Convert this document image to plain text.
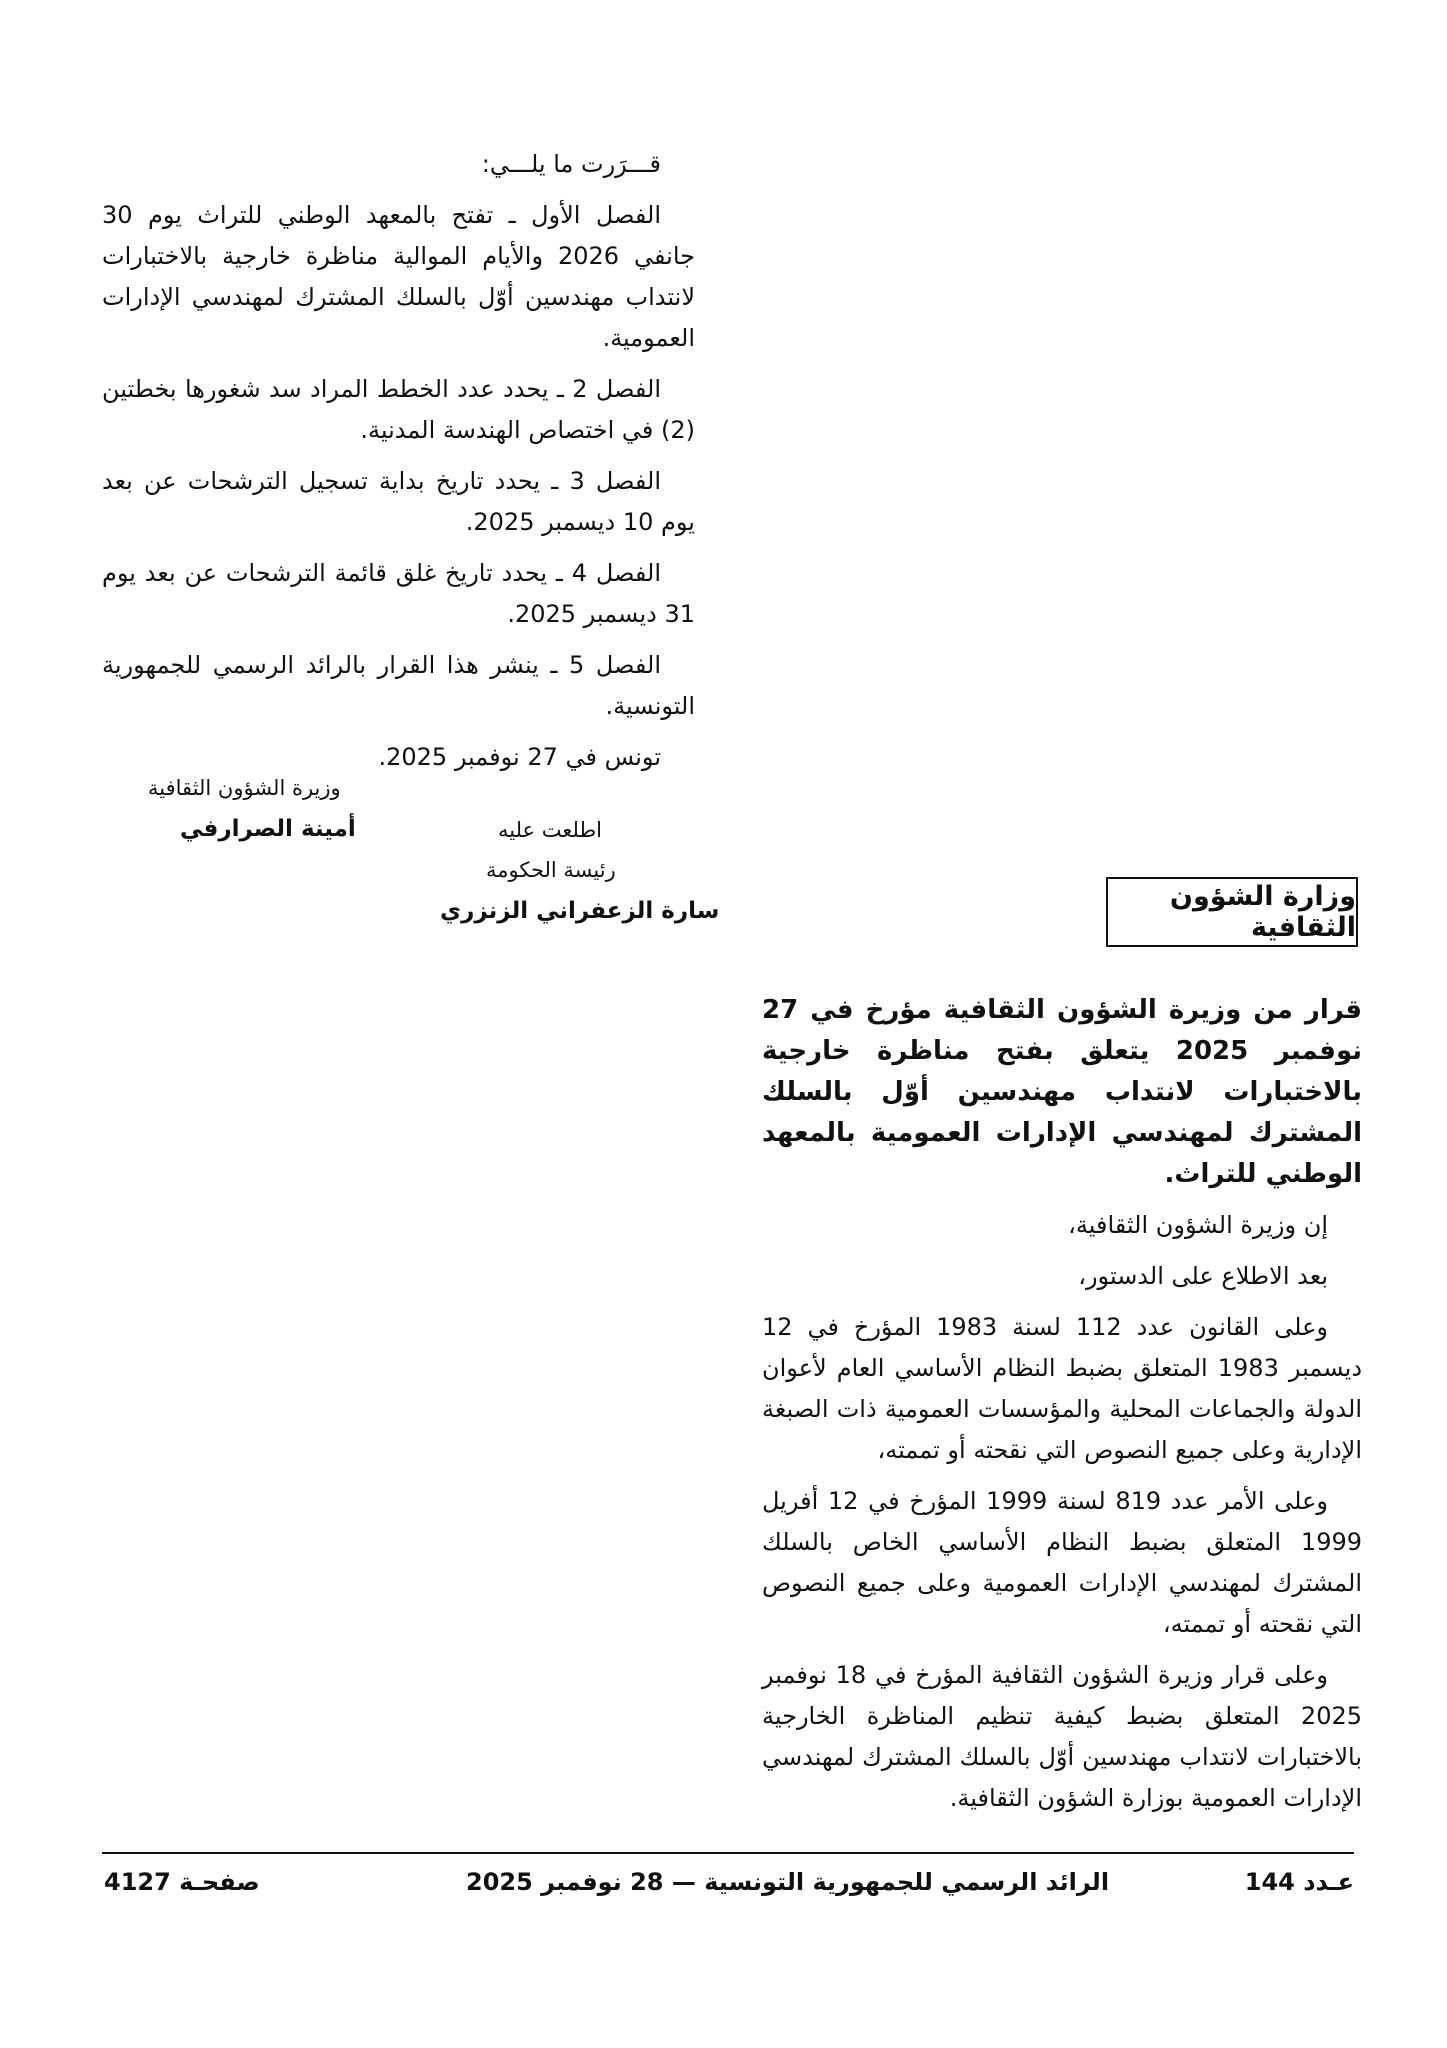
قـــرَرت ما يلـــي:

الفصل الأول ـ تفتح بالمعهد الوطني للتراث يوم 30 جانفي 2026 والأيام الموالية مناظرة خارجية بالاختبارات لانتداب مهندسين أوّل بالسلك المشترك لمهندسي الإدارات العمومية.

الفصل 2 ـ يحدد عدد الخطط المراد سد شغورها بخطتين (2) في اختصاص الهندسة المدنية.

الفصل 3 ـ يحدد تاريخ بداية تسجيل الترشحات عن بعد يوم 10 ديسمبر 2025.

الفصل 4 ـ يحدد تاريخ غلق قائمة الترشحات عن بعد يوم 31 ديسمبر 2025.

الفصل 5 ـ ينشر هذا القرار بالرائد الرسمي للجمهورية التونسية.

تونس في 27 نوفمبر 2025.

وزيرة الشؤون الثقافية
أمينة الصرارفي	اطلعت عليه
رئيسة الحكومة
سارة الزعفراني الزنزري	وزارة الشؤون الثقافية

قرار من وزيرة الشؤون الثقافية مؤرخ في 27 نوفمبر 2025 يتعلق بفتح مناظرة خارجية بالاختبارات لانتداب مهندسين أوّل بالسلك المشترك لمهندسي الإدارات العمومية بالمعهد الوطني للتراث.

إن وزيرة الشؤون الثقافية،

بعد الاطلاع على الدستور،

وعلى القانون عدد 112 لسنة 1983 المؤرخ في 12 ديسمبر 1983 المتعلق بضبط النظام الأساسي العام لأعوان الدولة والجماعات المحلية والمؤسسات العمومية ذات الصبغة الإدارية وعلى جميع النصوص التي نقحته أو تممته،

وعلى الأمر عدد 819 لسنة 1999 المؤرخ في 12 أفريل 1999 المتعلق بضبط النظام الأساسي الخاص بالسلك المشترك لمهندسي الإدارات العمومية وعلى جميع النصوص التي نقحته أو تممته،

وعلى قرار وزيرة الشؤون الثقافية المؤرخ في 18 نوفمبر 2025 المتعلق بضبط كيفية تنظيم المناظرة الخارجية بالاختبارات لانتداب مهندسين أوّل بالسلك المشترك لمهندسي الإدارات العمومية بوزارة الشؤون الثقافية.

عـدد 144
الرائد الرسمي للجمهورية التونسية — 28 نوفمبر 2025
صفحـة 4127
